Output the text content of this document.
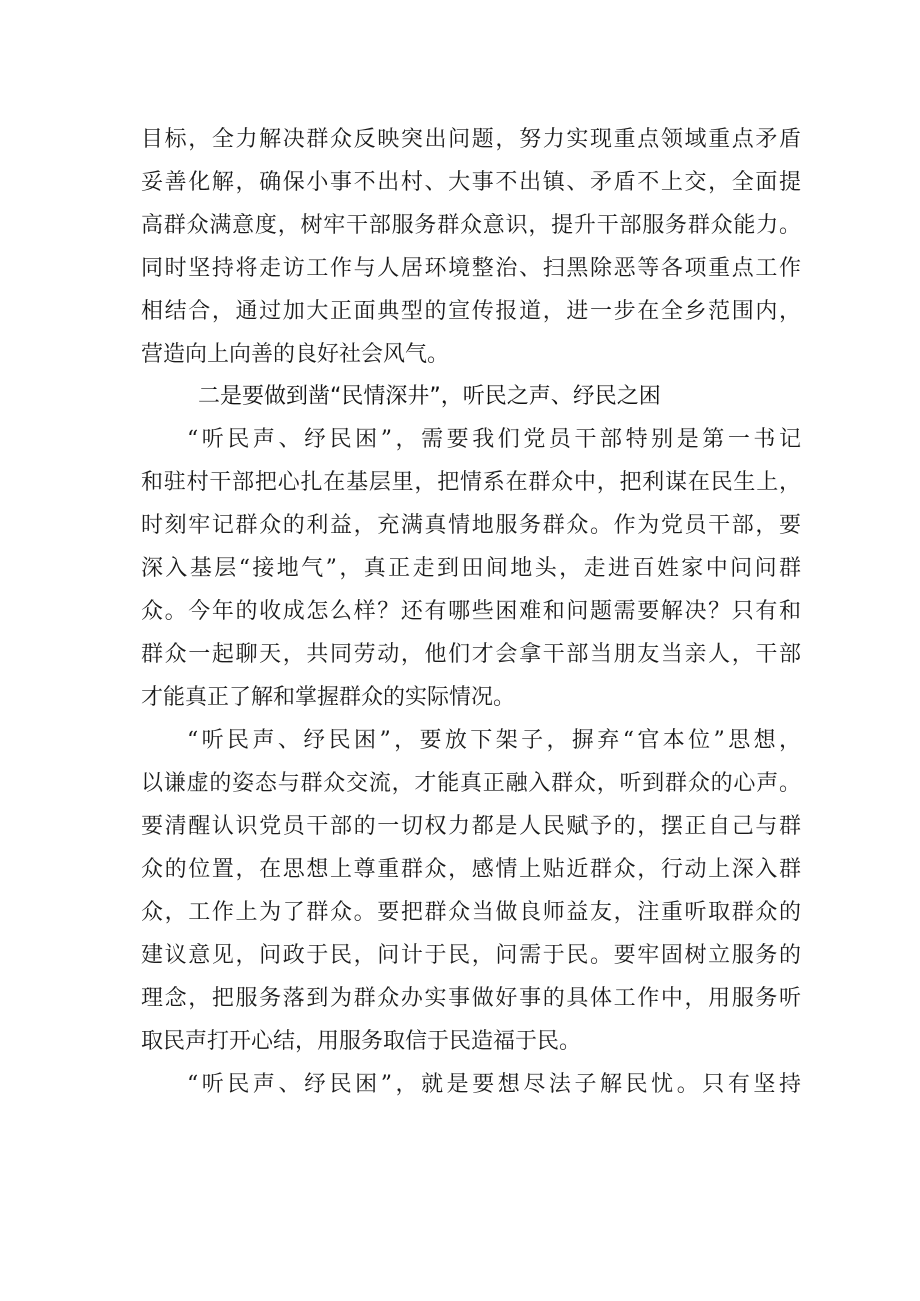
目标，全力解决群众反映突出问题，努力实现重点领域重点矛盾
妥善化解，确保小事不出村、大事不出镇、矛盾不上交，全面提
高群众满意度，树牢干部服务群众意识，提升干部服务群众能力。
同时坚持将走访工作与人居环境整治、扫黑除恶等各项重点工作
相结合，通过加大正面典型的宣传报道，进一步在全乡范围内，
营造向上向善的良好社会风气。
二是要做到凿“民情深井”，听民之声、纾民之困
“听民声、纾民困”，需要我们党员干部特别是第一书记
和驻村干部把心扎在基层里，把情系在群众中，把利谋在民生上，
时刻牢记群众的利益，充满真情地服务群众。作为党员干部，要
深入基层“接地气”，真正走到田间地头，走进百姓家中问问群
众。今年的收成怎么样？还有哪些困难和问题需要解决？只有和
群众一起聊天，共同劳动，他们才会拿干部当朋友当亲人，干部
才能真正了解和掌握群众的实际情况。
“听民声、纾民困”，要放下架子，摒弃“官本位”思想，
以谦虚的姿态与群众交流，才能真正融入群众，听到群众的心声。
要清醒认识党员干部的一切权力都是人民赋予的，摆正自己与群
众的位置，在思想上尊重群众，感情上贴近群众，行动上深入群
众，工作上为了群众。要把群众当做良师益友，注重听取群众的
建议意见，问政于民，问计于民，问需于民。要牢固树立服务的
理念，把服务落到为群众办实事做好事的具体工作中，用服务听
取民声打开心结，用服务取信于民造福于民。
“听民声、纾民困”，就是要想尽法子解民忧。只有坚持
